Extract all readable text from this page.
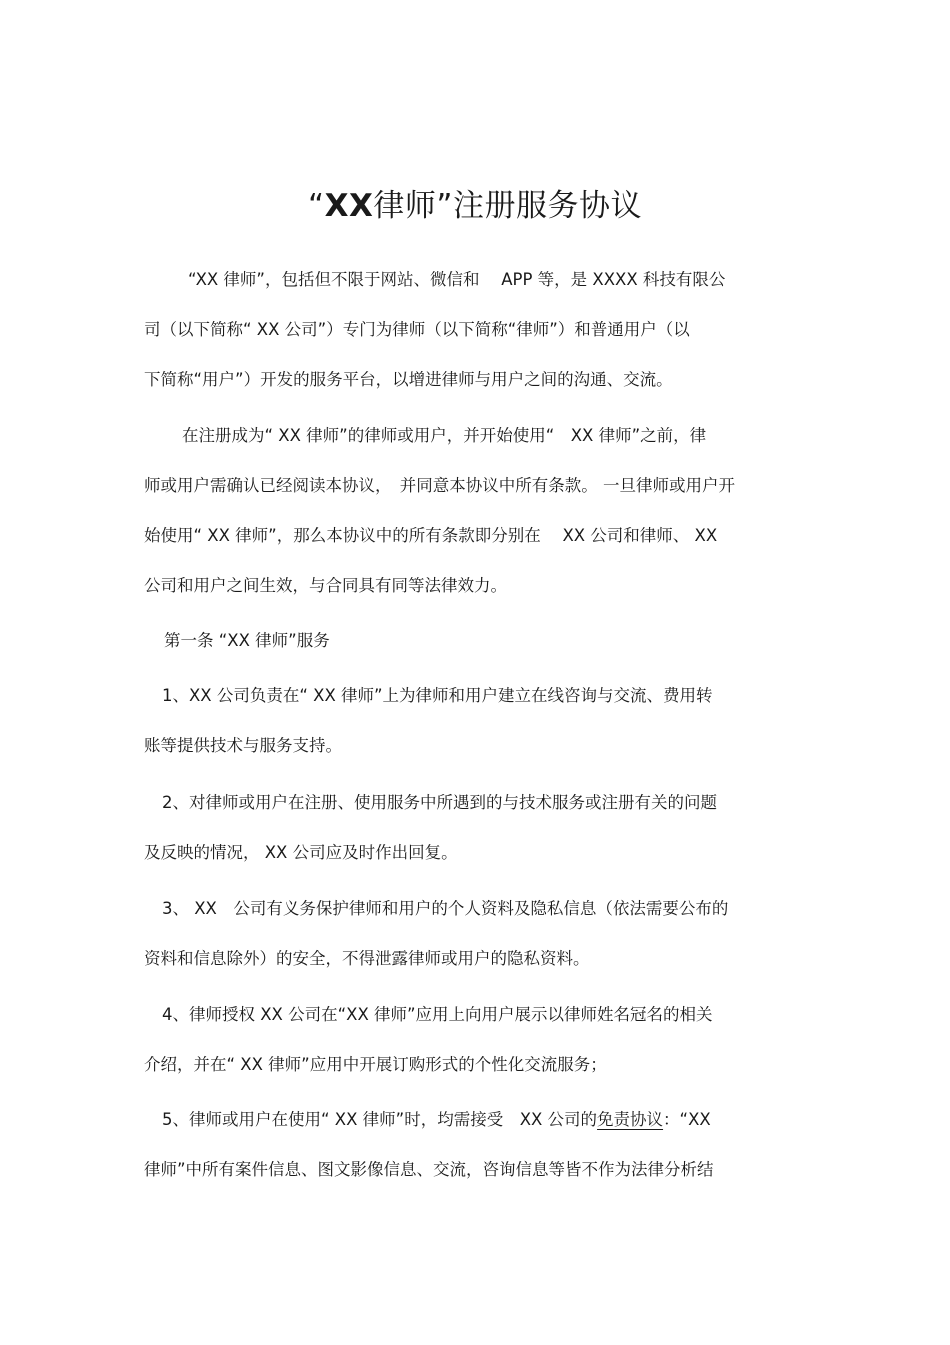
“XX律师”注册服务协议
“XX 律师”，包括但不限于网站、微信和　 APP 等，是 XXXX 科技有限公
司（以下简称“ XX 公司”）专门为律师（以下简称“律师”）和普通用户（以
下简称“用户”）开发的服务平台，以增进律师与用户之间的沟通、交流。
在注册成为“ XX 律师”的律师或用户，并开始使用“　XX 律师”之前，律
师或用户需确认已经阅读本协议，　并同意本协议中所有条款。 一旦律师或用户开
始使用“ XX 律师”，那么本协议中的所有条款即分别在　 XX 公司和律师、 XX
公司和用户之间生效，与合同具有同等法律效力。
第一条 “XX 律师”服务
1、XX 公司负责在“ XX 律师”上为律师和用户建立在线咨询与交流、费用转
账等提供技术与服务支持。
2、对律师或用户在注册、使用服务中所遇到的与技术服务或注册有关的问题
及反映的情况， XX 公司应及时作出回复。
3、 XX　公司有义务保护律师和用户的个人资料及隐私信息（依法需要公布的
资料和信息除外）的安全，不得泄露律师或用户的隐私资料。
4、律师授权 XX 公司在“XX 律师”应用上向用户展示以律师姓名冠名的相关
介绍，并在“ XX 律师”应用中开展订购形式的个性化交流服务；
5、律师或用户在使用“ XX 律师”时，均需接受　XX 公司的免责协议：“XX
律师”中所有案件信息、图文影像信息、交流，咨询信息等皆不作为法律分析结
